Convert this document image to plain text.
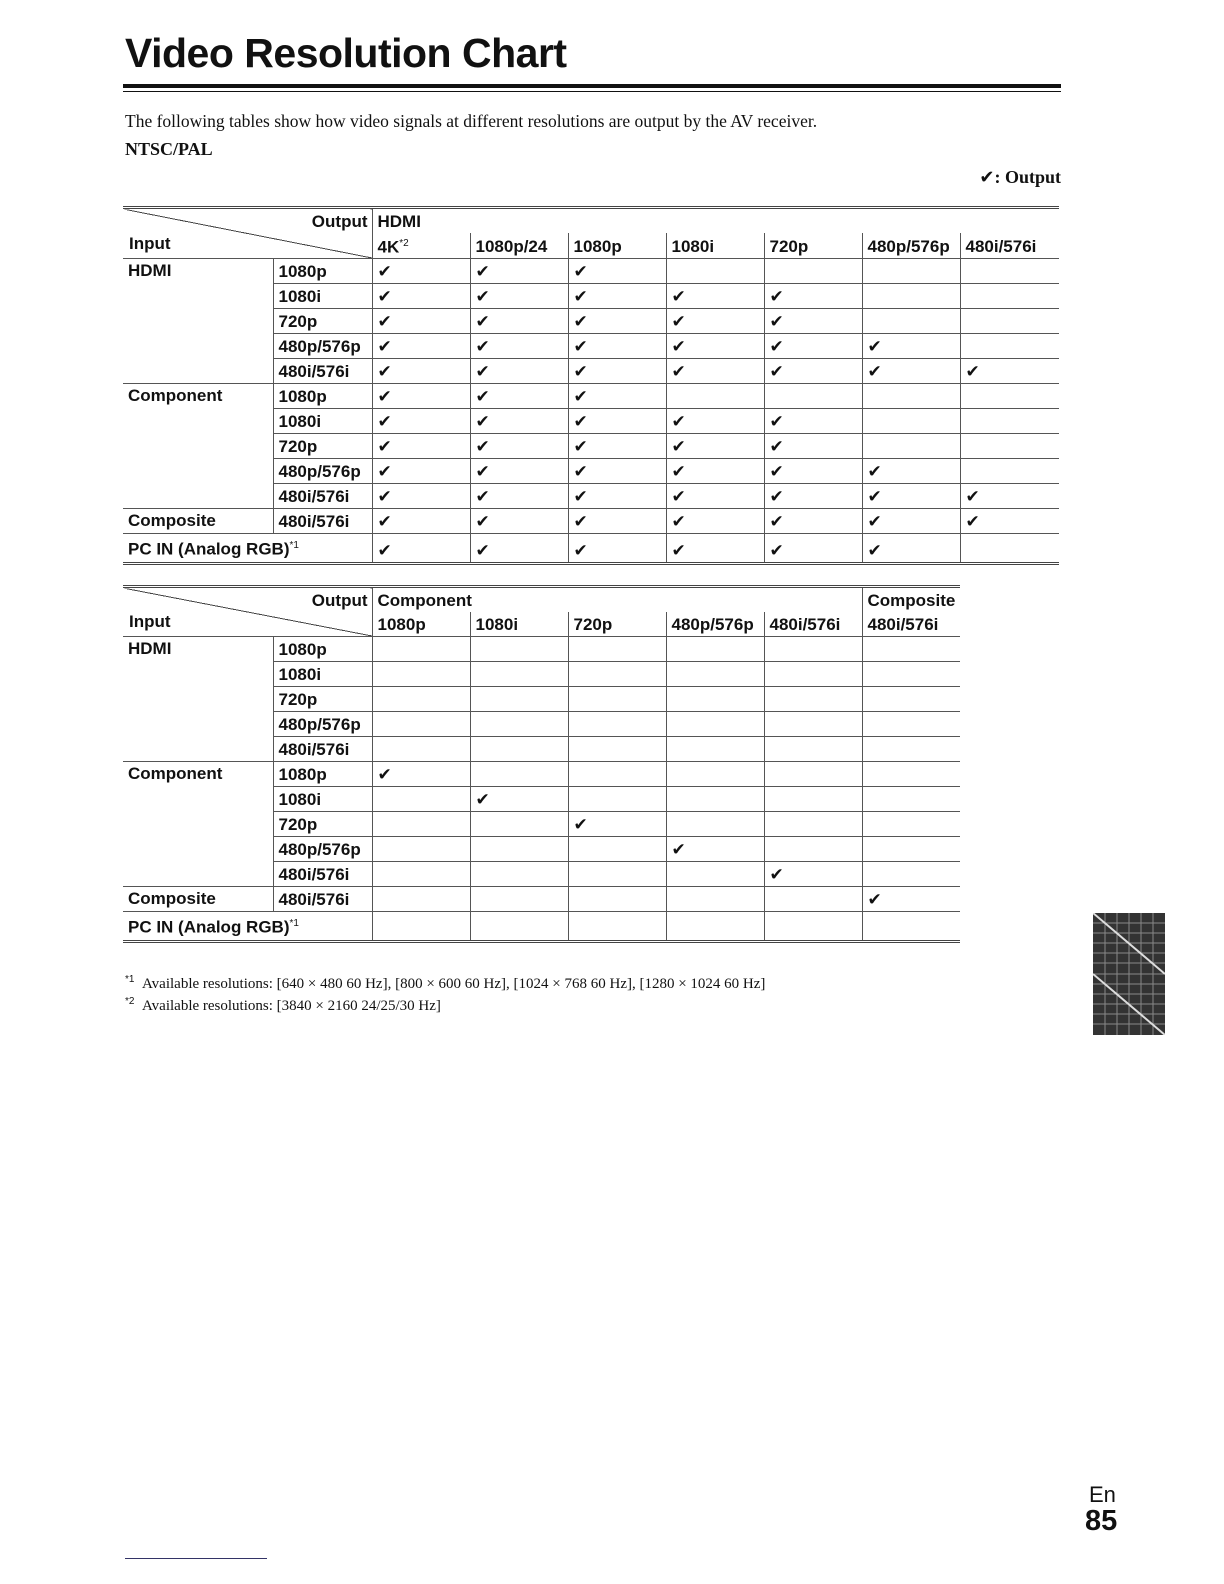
Video Resolution Chart
The following tables show how video signals at different resolutions are output by the AV receiver.
NTSC/PAL
✔: Output
Output
Input		HDMI						
		$4K^{*2}$	1080p/24	1080p	1080i	720p	480p/576p	480i/576i
HDMI	1080p	✔	✔	✔				
	1080i	✔	✔	✔	✔	✔		
	720p	✔	✔	✔	✔	✔		
	480p/576p	✔	✔	✔	✔	✔	✔	
	480i/576i	✔	✔	✔	✔	✔	✔	✔
Component	1080p	✔	✔	✔				
	1080i	✔	✔	✔	✔	✔		
	720p	✔	✔	✔	✔	✔		
	480p/576p	✔	✔	✔	✔	✔	✔	
	480i/576i	✔	✔	✔	✔	✔	✔	✔
Composite	480i/576i	✔	✔	✔	✔	✔	✔	✔
PC IN (Analog RGB)$^{*1}$		✔	✔	✔	✔	✔	✔	
Output
Input		Component					Composite
		1080p	1080i	720p	480p/576p	480i/576i	480i/576i
HDMI	1080p						
	1080i						
	720p						
	480p/576p						
	480i/576i						
Component	1080p	✔					
	1080i		✔				
	720p			✔			
	480p/576p				✔		
	480i/576i					✔	
Composite	480i/576i						✔
PC IN (Analog RGB)$^{*1}$						
$^{*1}$ Available resolutions: [640 × 480 60 Hz], [800 × 600 60 Hz], [1024 × 768 60 Hz], [1280 × 1024 60 Hz]
$^{*2}$ Available resolutions: [3840 × 2160 24/25/30 Hz]
En
85
